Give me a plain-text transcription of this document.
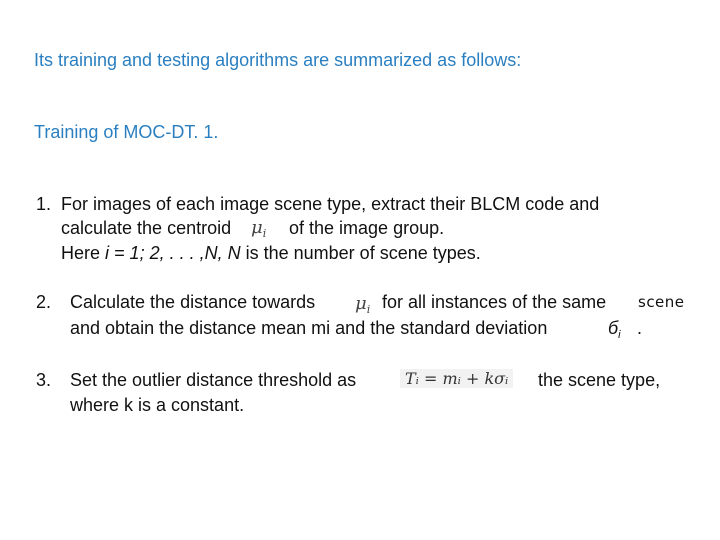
Its training and testing algorithms are summarized as follows:
Training of MOC-DT. 1.
1. For images of each image scene type, extract their BLCM code and
calculate the centroid $\mu_i$ of the image group.
Here i = 1; 2, . . . ,N, N is the number of scene types.
2. Calculate the distance towards $\mu_i$ for all instances of the same scene
and obtain the distance mean mi and the standard deviation	$б_i$ .
3. Set the outlier distance threshold as	Tᵢ = mᵢ + kσᵢ the scene type,
where k is a constant.
